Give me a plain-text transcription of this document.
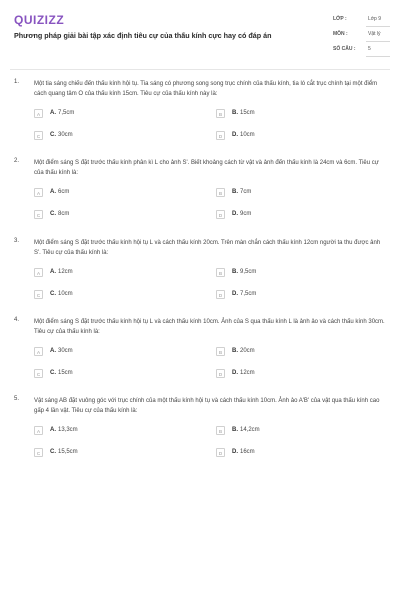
QUIZIZZ
Phương pháp giải bài tập xác định tiêu cự của thấu kính cực hay có đáp án
LỚP :	Lớp 9
MÔN :	Vật lý
SỐ CÂU :	5
1. Một tia sáng chiếu đến thấu kính hội tụ. Tia sáng có phương song song trục chính của thấu kính, tia ló cắt trục chính tại một điểm cách quang tâm O của thấu kính 15cm. Tiêu cự của thấu kính này là:
A	A. 7,5cm	B	B. 15cm
C	C. 30cm	D	D. 10cm
2. Một điểm sáng S đặt trước thấu kính phân kì L cho ảnh S'. Biết khoảng cách từ vật và ảnh đến thấu kính là 24cm và 6cm. Tiêu cự của thấu kính là:
A	A. 6cm	B	B. 7cm
C	C. 8cm	D	D. 9cm
3. Một điểm sáng S đặt trước thấu kính hội tụ L và cách thấu kính 20cm. Trên màn chắn cách thấu kính 12cm người ta thu được ảnh S'. Tiêu cự của thấu kính là:
A	A. 12cm	B	B. 9,5cm
C	C. 10cm	D	D. 7,5cm
4. Một điểm sáng S đặt trước thấu kính hội tụ L và cách thấu kính 10cm. Ảnh của S qua thấu kính L là ảnh ảo và cách thấu kính 30cm. Tiêu cự của thấu kính là:
A	A. 30cm	B	B. 20cm
C	C. 15cm	D	D. 12cm
5. Vật sáng AB đặt vuông góc với trục chính của một thấu kính hội tụ và cách thấu kính 10cm. Ảnh ảo A'B' của vật qua thấu kính cao gấp 4 lần vật. Tiêu cự của thấu kính là:
A	A. 13,3cm	B	B. 14,2cm
C	C. 15,5cm	D	D. 16cm
